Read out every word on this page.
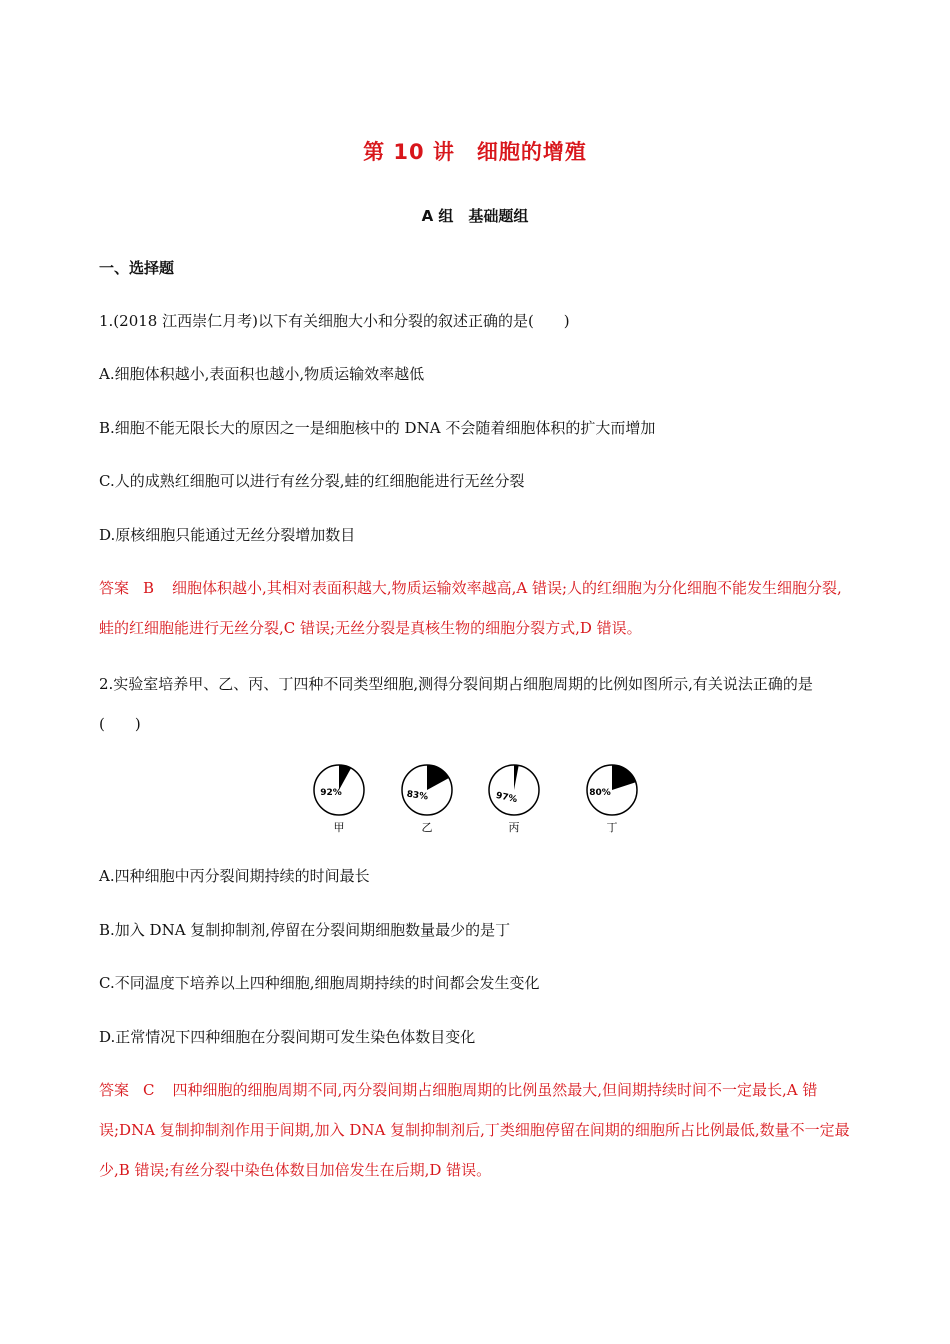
第 10 讲　细胞的增殖
A 组　基础题组
一、选择题
1.(2018 江西崇仁月考)以下有关细胞大小和分裂的叙述正确的是(　　)
A.细胞体积越小,表面积也越小,物质运输效率越低
B.细胞不能无限长大的原因之一是细胞核中的 DNA 不会随着细胞体积的扩大而增加
C.人的成熟红细胞可以进行有丝分裂,蛙的红细胞能进行无丝分裂
D.原核细胞只能通过无丝分裂增加数目
答案 B 细胞体积越小,其相对表面积越大,物质运输效率越高,A 错误;人的红细胞为分化细胞不能发生细胞分裂,蛙的红细胞能进行无丝分裂,C 错误;无丝分裂是真核生物的细胞分裂方式,D 错误。
2.实验室培养甲、乙、丙、丁四种不同类型细胞,测得分裂间期占细胞周期的比例如图所示,有关说法正确的是(　　)
92%
甲
83%
乙
97%
丙
80%
丁
A.四种细胞中丙分裂间期持续的时间最长
B.加入 DNA 复制抑制剂,停留在分裂间期细胞数量最少的是丁
C.不同温度下培养以上四种细胞,细胞周期持续的时间都会发生变化
D.正常情况下四种细胞在分裂间期可发生染色体数目变化
答案 C 四种细胞的细胞周期不同,丙分裂间期占细胞周期的比例虽然最大,但间期持续时间不一定最长,A 错误;DNA 复制抑制剂作用于间期,加入 DNA 复制抑制剂后,丁类细胞停留在间期的细胞所占比例最低,数量不一定最少,B 错误;有丝分裂中染色体数目加倍发生在后期,D 错误。
